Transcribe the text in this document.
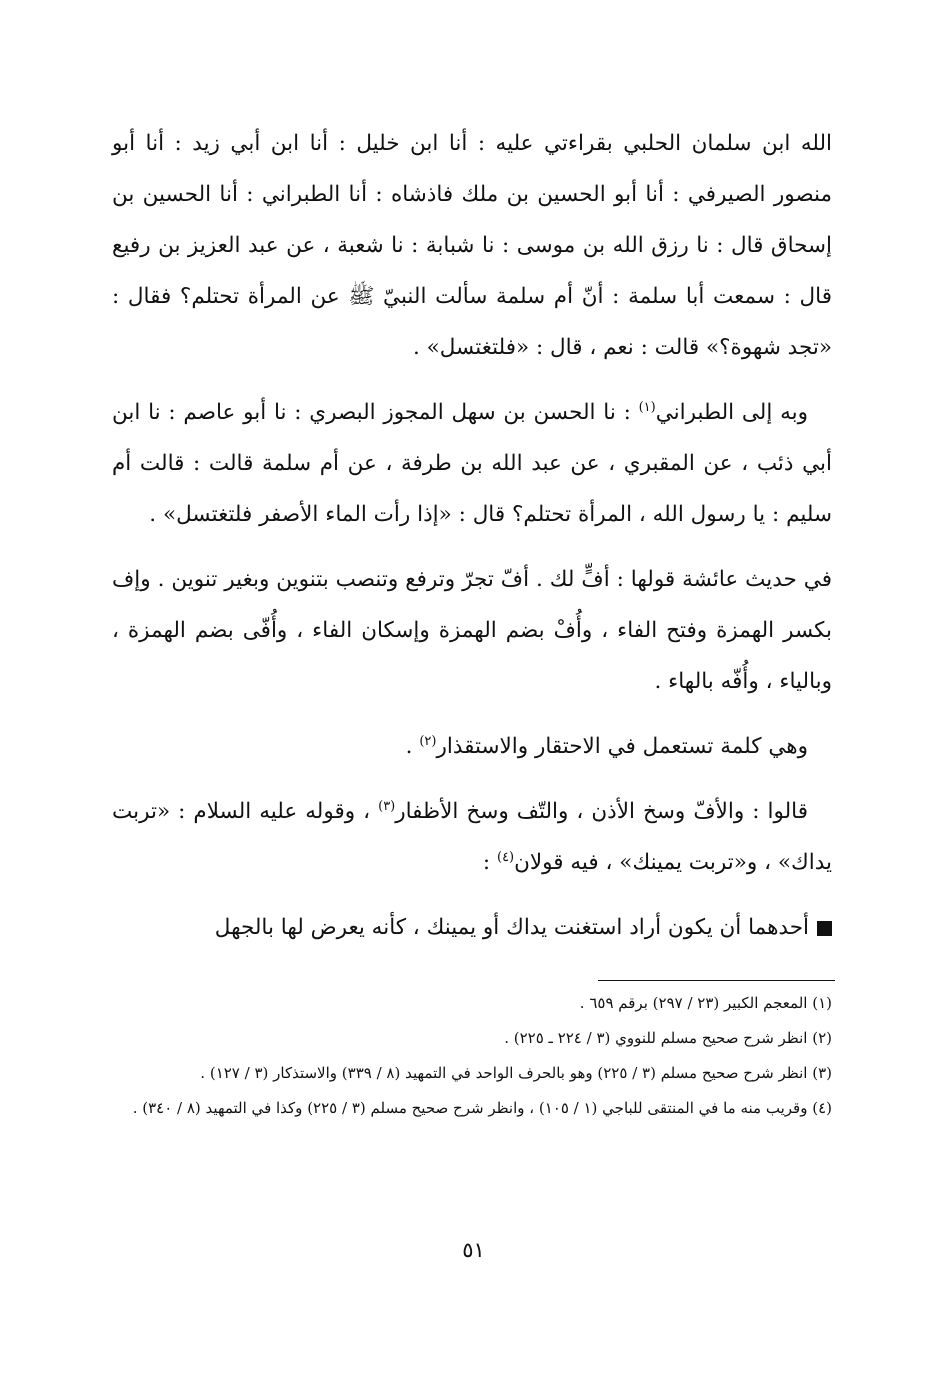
الله ابن سلمان الحلبي بقراءتي عليه : أنا ابن خليل : أنا ابن أبي زيد : أنا أبو منصور الصيرفي : أنا أبو الحسين بن ملك فاذشاه : أنا الطبراني : أنا الحسين بن إسحاق قال : نا رزق الله بن موسى : نا شبابة : نا شعبة ، عن عبد العزيز بن رفيع قال : سمعت أبا سلمة : أنّ أم سلمة سألت النبيّ ﷺ عن المرأة تحتلم؟ فقال : «تجد شهوة؟» قالت : نعم ، قال : «فلتغتسل» .

وبه إلى الطبراني$^{(١)}$ : نا الحسن بن سهل المجوز البصري : نا أبو عاصم : نا ابن أبي ذئب ، عن المقبري ، عن عبد الله بن طرفة ، عن أم سلمة قالت : قالت أم سليم : يا رسول الله ، المرأة تحتلم؟ قال : «إذا رأت الماء الأصفر فلتغتسل» .

في حديث عائشة قولها : أفٍّ لك . أفّ تجرّ وترفع وتنصب بتنوين وبغير تنوين . وإف بكسر الهمزة وفتح الفاء ، وأُفْ بضم الهمزة وإسكان الفاء ، وأُفّى بضم الهمزة ، وبالياء ، وأُفّه بالهاء .

وهي كلمة تستعمل في الاحتقار والاستقذار$^{(٢)}$ .

قالوا : والأفّ وسخ الأذن ، والتّف وسخ الأظفار$^{(٣)}$ ، وقوله عليه السلام : «تربت يداك» ، و«تربت يمينك» ، فيه قولان$^{(٤)}$ :

أحدهما أن يكون أراد استغنت يداك أو يمينك ، كأنه يعرض لها بالجهل

(١) المعجم الكبير (٢٣ / ٢٩٧) برقم ٦٥٩ .

(٢) انظر شرح صحيح مسلم للنووي (٣ / ٢٢٤ ـ ٢٢٥) .

(٣) انظر شرح صحيح مسلم (٣ / ٢٢٥) وهو بالحرف الواحد في التمهيد (٨ / ٣٣٩) والاستذكار (٣ / ١٢٧) .

(٤) وقريب منه ما في المنتقى للباجي (١ / ١٠٥) ، وانظر شرح صحيح مسلم (٣ / ٢٢٥) وكذا في التمهيد (٨ / ٣٤٠) .

٥١
